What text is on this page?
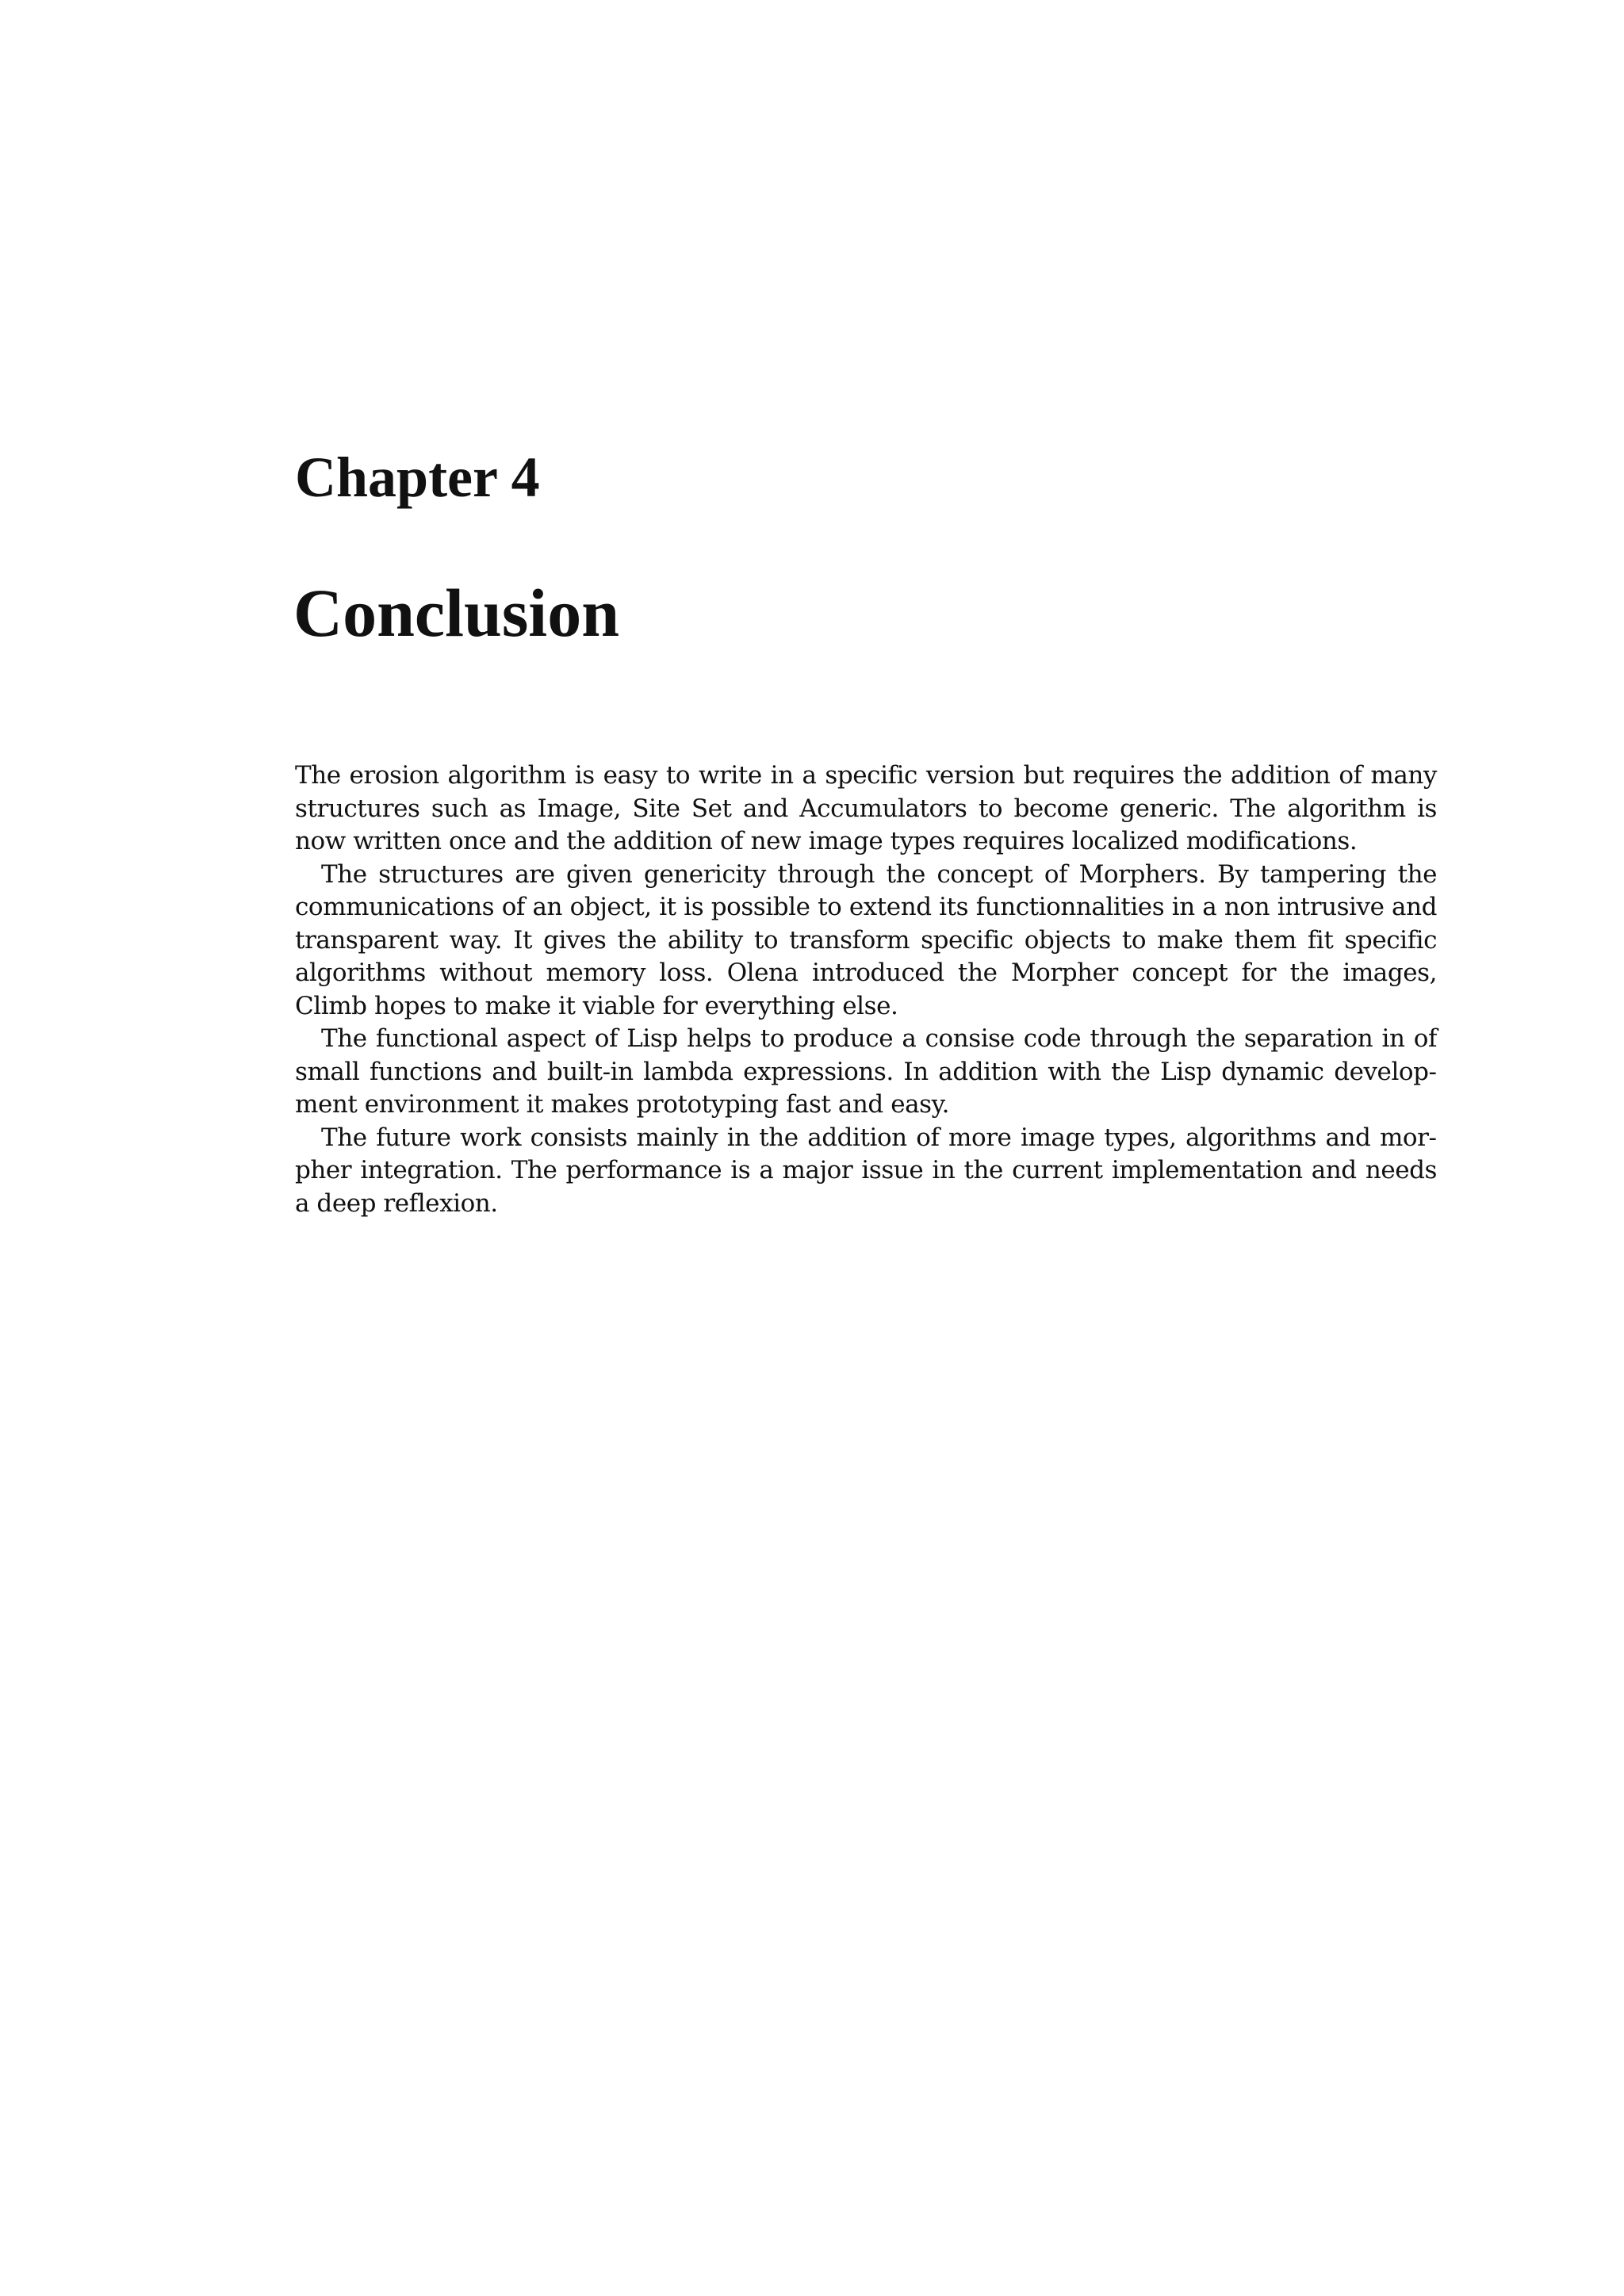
Chapter 4
Conclusion

The erosion algorithm is easy to write in a specific version but requires the addition of many structures such as Image, Site Set and Accumulators to become generic. The algorithm is now written once and the addition of new image types requires localized modifications.

The structures are given genericity through the concept of Morphers. By tampering the communications of an object, it is possible to extend its functionnalities in a non intrusive and transparent way. It gives the ability to transform specific objects to make them fit specific algorithms without memory loss. Olena introduced the Morpher concept for the images, Climb hopes to make it viable for everything else.

The functional aspect of Lisp helps to produce a consise code through the separation in of small functions and built-in lambda expressions. In addition with the Lisp dynamic development environment it makes prototyping fast and easy.

The future work consists mainly in the addition of more image types, algorithms and morpher integration. The performance is a major issue in the current implementation and needs a deep reflexion.
